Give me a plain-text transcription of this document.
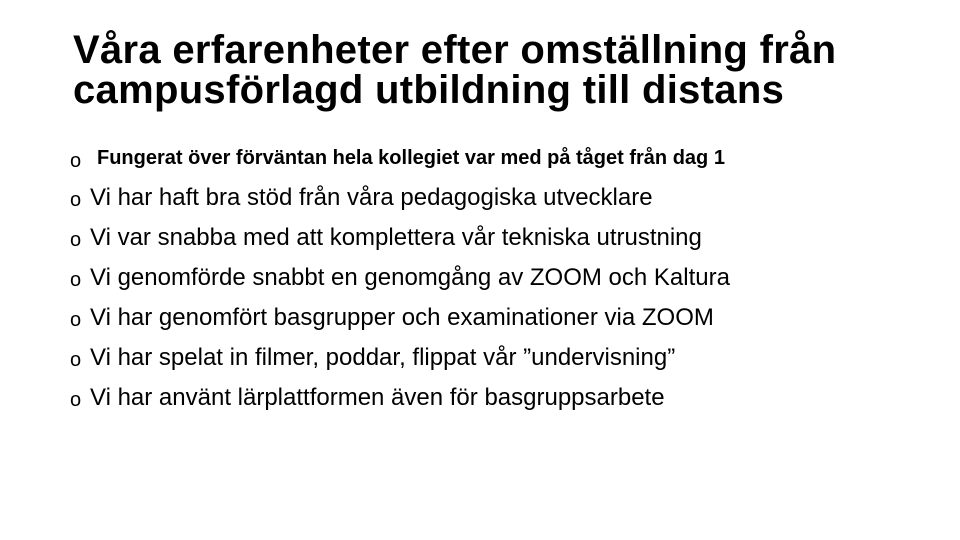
Våra erfarenheter efter omställning från campusförlagd utbildning till distans
o Fungerat över förväntan hela kollegiet var med på tåget från dag 1
o Vi har haft bra stöd från våra pedagogiska utvecklare
o Vi var snabba med att komplettera vår tekniska utrustning
o Vi genomförde snabbt en genomgång av ZOOM och Kaltura
o Vi har genomfört basgrupper och examinationer via ZOOM
o Vi har spelat in filmer, poddar, flippat vår ”undervisning”
o Vi har använt lärplattformen även för basgruppsarbete
